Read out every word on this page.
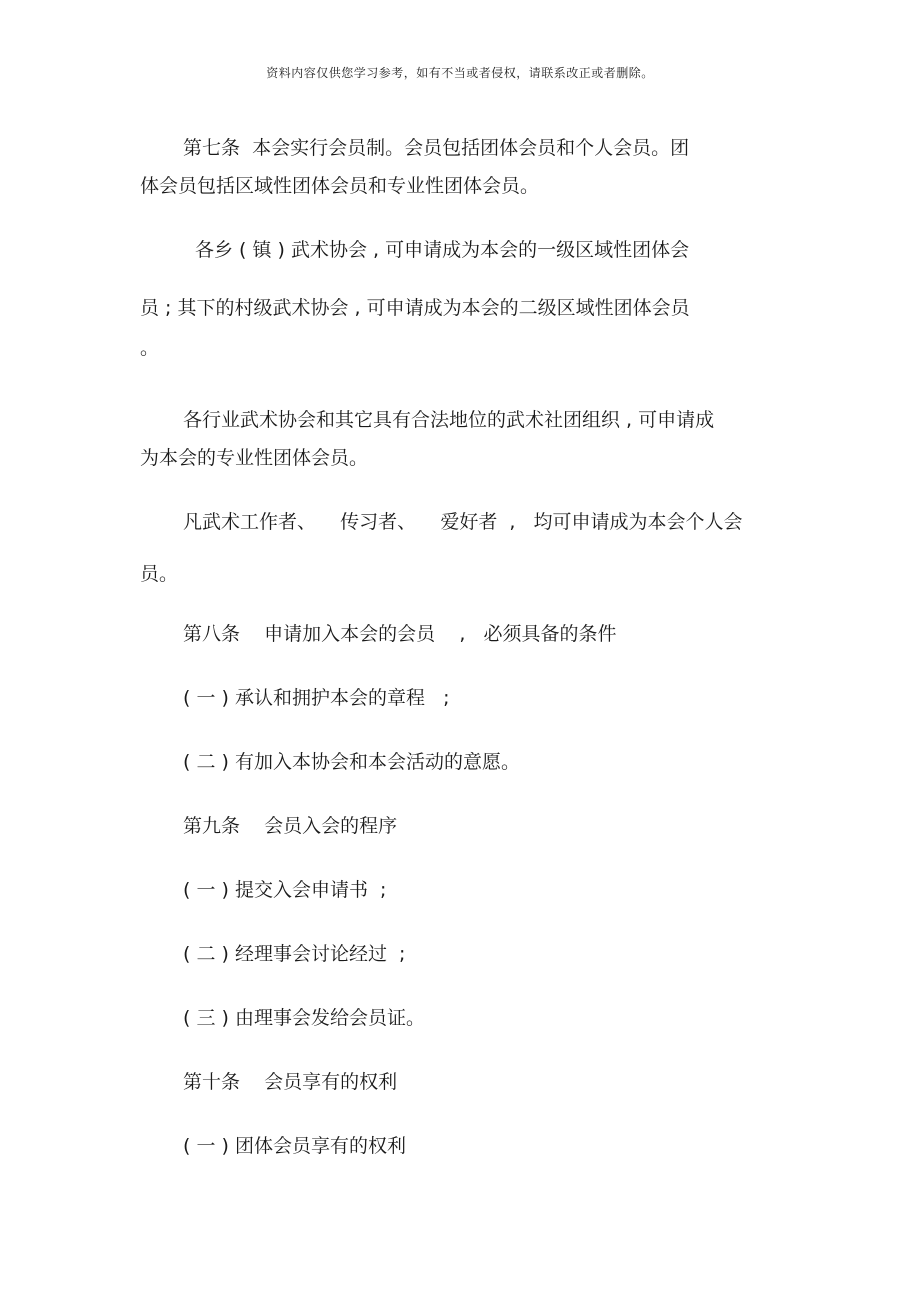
资料内容仅供您学习参考，如有不当或者侵权，请联系改正或者删除。
第七条  本会实行会员制。会员包括团体会员和个人会员。团
体会员包括区域性团体会员和专业性团体会员。
各乡 ( 镇 ) 武术协会 , 可申请成为本会的一级区域性团体会
员 ; 其下的村级武术协会 , 可申请成为本会的二级区域性团体会员
。
各行业武术协会和其它具有合法地位的武术社团组织 , 可申请成
为本会的专业性团体会员。
凡武术工作者、    传习者、    爱好者  ,   均可申请成为本会个人会
员。
第八条    申请加入本会的会员    ,   必须具备的条件
( 一 ) 承认和拥护本会的章程   ;
( 二 ) 有加入本协会和本会活动的意愿。
第九条    会员入会的程序
( 一 ) 提交入会申请书  ;
( 二 ) 经理事会讨论经过  ;
( 三 ) 由理事会发给会员证。
第十条    会员享有的权利
( 一 ) 团体会员享有的权利
